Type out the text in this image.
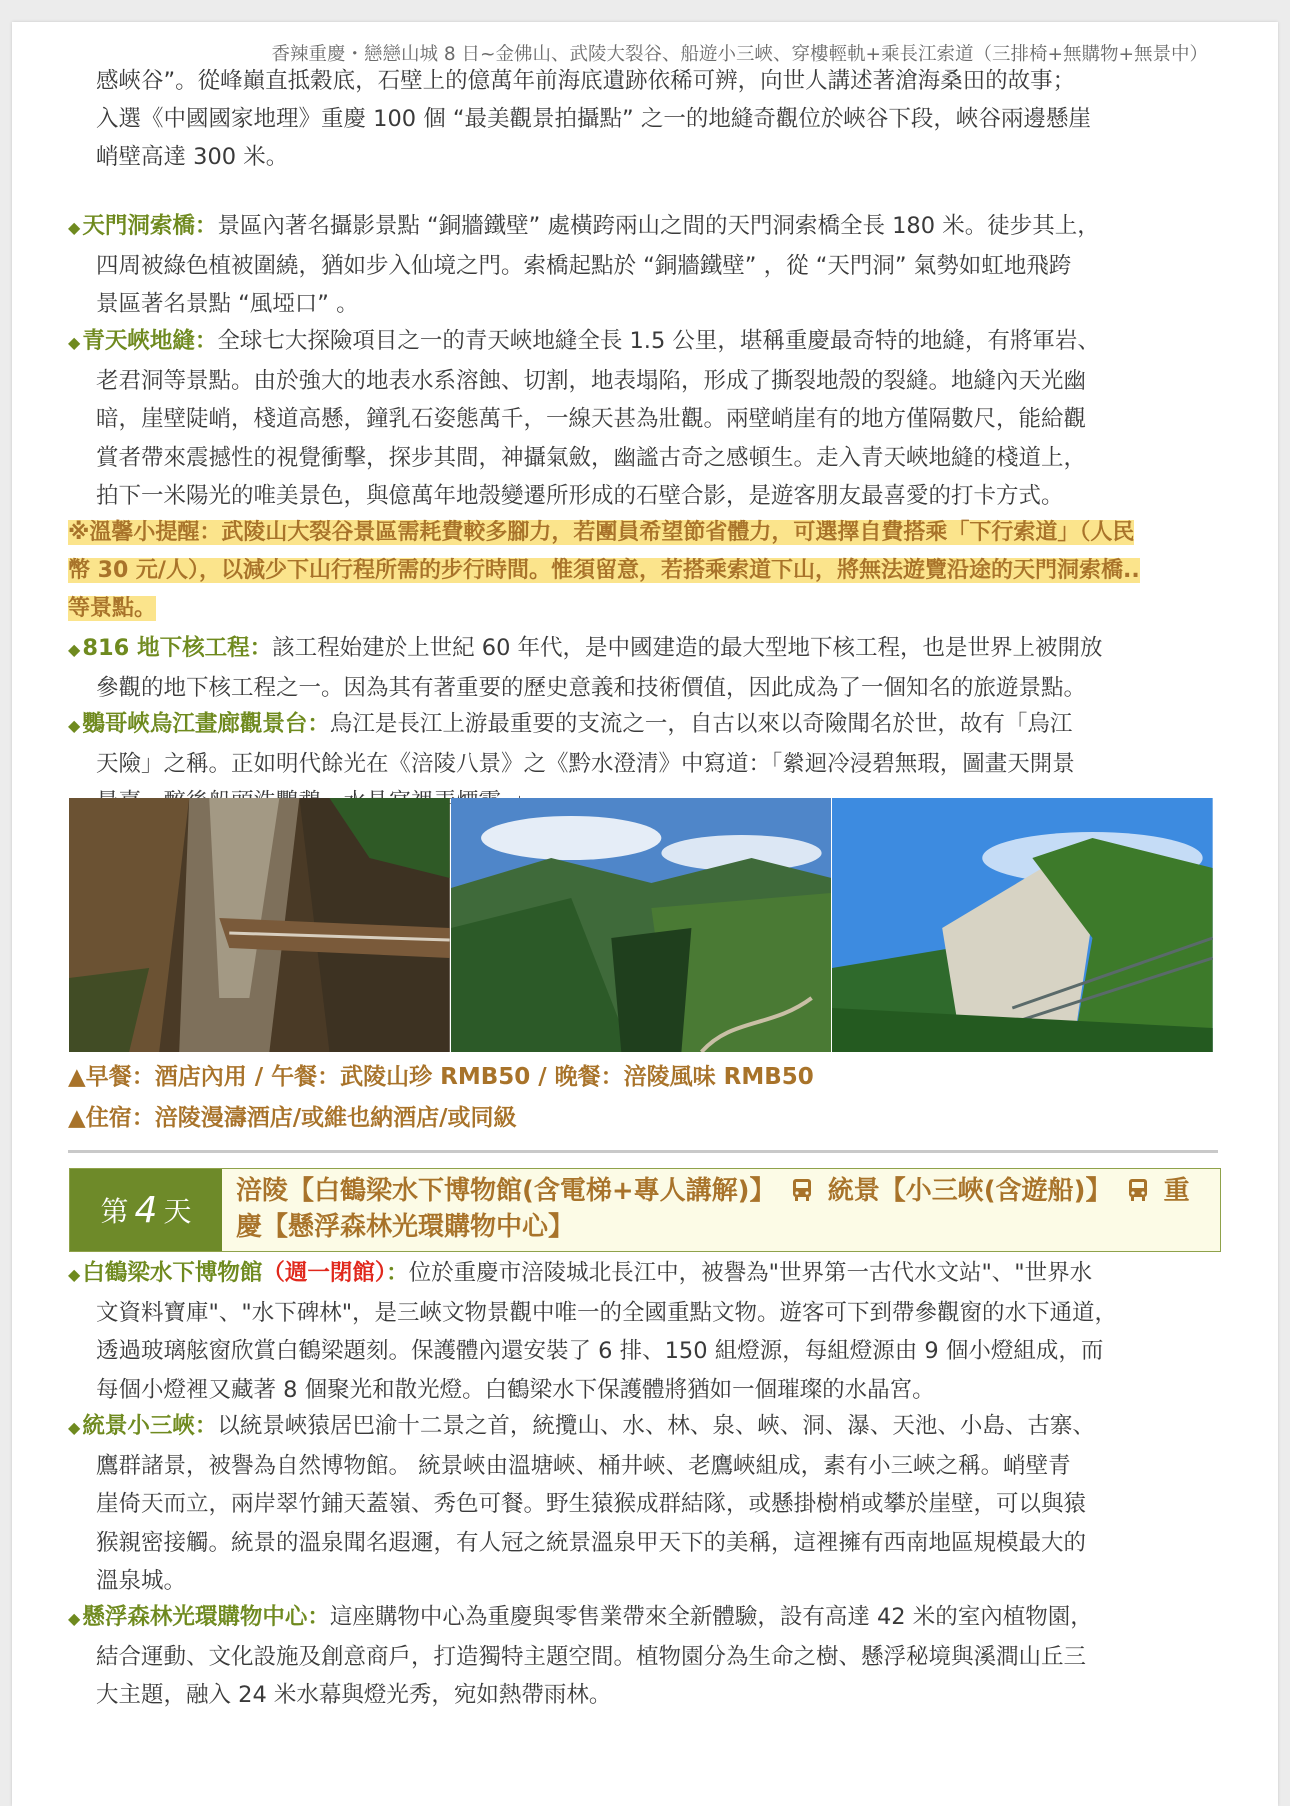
香辣重慶・戀戀山城 8 日~金佛山、武陵大裂谷、船遊小三峽、穿樓輕軌+乘長江索道（三排椅+無購物+無景中）
感峽谷”。從峰巔直抵穀底，石壁上的億萬年前海底遺跡依稀可辨，向世人講述著滄海桑田的故事；
入選《中國國家地理》重慶 100 個 “最美觀景拍攝點” 之一的地縫奇觀位於峽谷下段，峽谷兩邊懸崖
峭壁高達 300 米。
◆天門洞索橋：景區內著名攝影景點 “銅牆鐵壁” 處橫跨兩山之間的天門洞索橋全長 180 米。徒步其上，
四周被綠色植被圍繞，猶如步入仙境之門。索橋起點於 “銅牆鐵壁” ，從 “天門洞” 氣勢如虹地飛跨
景區著名景點 “風埡口” 。
◆青天峽地縫：全球七大探險項目之一的青天峽地縫全長 1.5 公里，堪稱重慶最奇特的地縫，有將軍岩、
老君洞等景點。由於強大的地表水系溶蝕、切割，地表塌陷，形成了撕裂地殼的裂縫。地縫內天光幽
暗，崖壁陡峭，棧道高懸，鐘乳石姿態萬千，一線天甚為壯觀。兩壁峭崖有的地方僅隔數尺，能給觀
賞者帶來震撼性的視覺衝擊，探步其間，神攝氣斂，幽謐古奇之感頓生。走入青天峽地縫的棧道上，
拍下一米陽光的唯美景色，與億萬年地殼變遷所形成的石壁合影，是遊客朋友最喜愛的打卡方式。
※溫馨小提醒：武陵山大裂谷景區需耗費較多腳力，若團員希望節省體力，可選擇自費搭乘「下行索道」（人民
幣 30 元/人），以減少下山行程所需的步行時間。惟須留意，若搭乘索道下山，將無法遊覽沿途的天門洞索橋..
等景點。
◆816 地下核工程：該工程始建於上世紀 60 年代，是中國建造的最大型地下核工程，也是世界上被開放
參觀的地下核工程之一。因為其有著重要的歷史意義和技術價值，因此成為了一個知名的旅遊景點。
◆鸚哥峽烏江畫廊觀景台：烏江是長江上游最重要的支流之一，自古以來以奇險聞名於世，故有「烏江
天險」之稱。正如明代餘光在《涪陵八景》之《黔水澄清》中寫道：「縈迴冷浸碧無瑕，圖畫天開景
▲早餐：酒店內用 / 午餐：武陵山珍 RMB50 / 晚餐：涪陵風味 RMB50
▲住宿：涪陵漫濤酒店/或維也納酒店/或同級
第 4 天
涪陵【白鶴梁水下博物館(含電梯+專人講解)】 統景【小三峽(含遊船)】 重
慶【懸浮森林光環購物中心】
◆白鶴梁水下博物館（週一閉館）：位於重慶市涪陵城北長江中，被譽為"世界第一古代水文站"、"世界水
文資料寶庫"、"水下碑林"，是三峽文物景觀中唯一的全國重點文物。遊客可下到帶參觀窗的水下通道，
透過玻璃舷窗欣賞白鶴梁題刻。保護體內還安裝了 6 排、150 組燈源，每組燈源由 9 個小燈組成，而
每個小燈裡又藏著 8 個聚光和散光燈。白鶴梁水下保護體將猶如一個璀璨的水晶宮。
◆統景小三峽：以統景峽猿居巴渝十二景之首，統攬山、水、林、泉、峽、洞、瀑、天池、小島、古寨、
鷹群諸景，被譽為自然博物館。 統景峽由溫塘峽、桶井峽、老鷹峽組成，素有小三峽之稱。峭壁青
崖倚天而立，兩岸翠竹鋪天蓋嶺、秀色可餐。野生猿猴成群結隊，或懸掛樹梢或攀於崖壁，可以與猿
猴親密接觸。統景的溫泉聞名遐邇，有人冠之統景溫泉甲天下的美稱，這裡擁有西南地區規模最大的
溫泉城。
◆懸浮森林光環購物中心：這座購物中心為重慶與零售業帶來全新體驗，設有高達 42 米的室內植物園，
結合運動、文化設施及創意商戶，打造獨特主題空間。植物園分為生命之樹、懸浮秘境與溪澗山丘三
大主題，融入 24 米水幕與燈光秀，宛如熱帶雨林。
